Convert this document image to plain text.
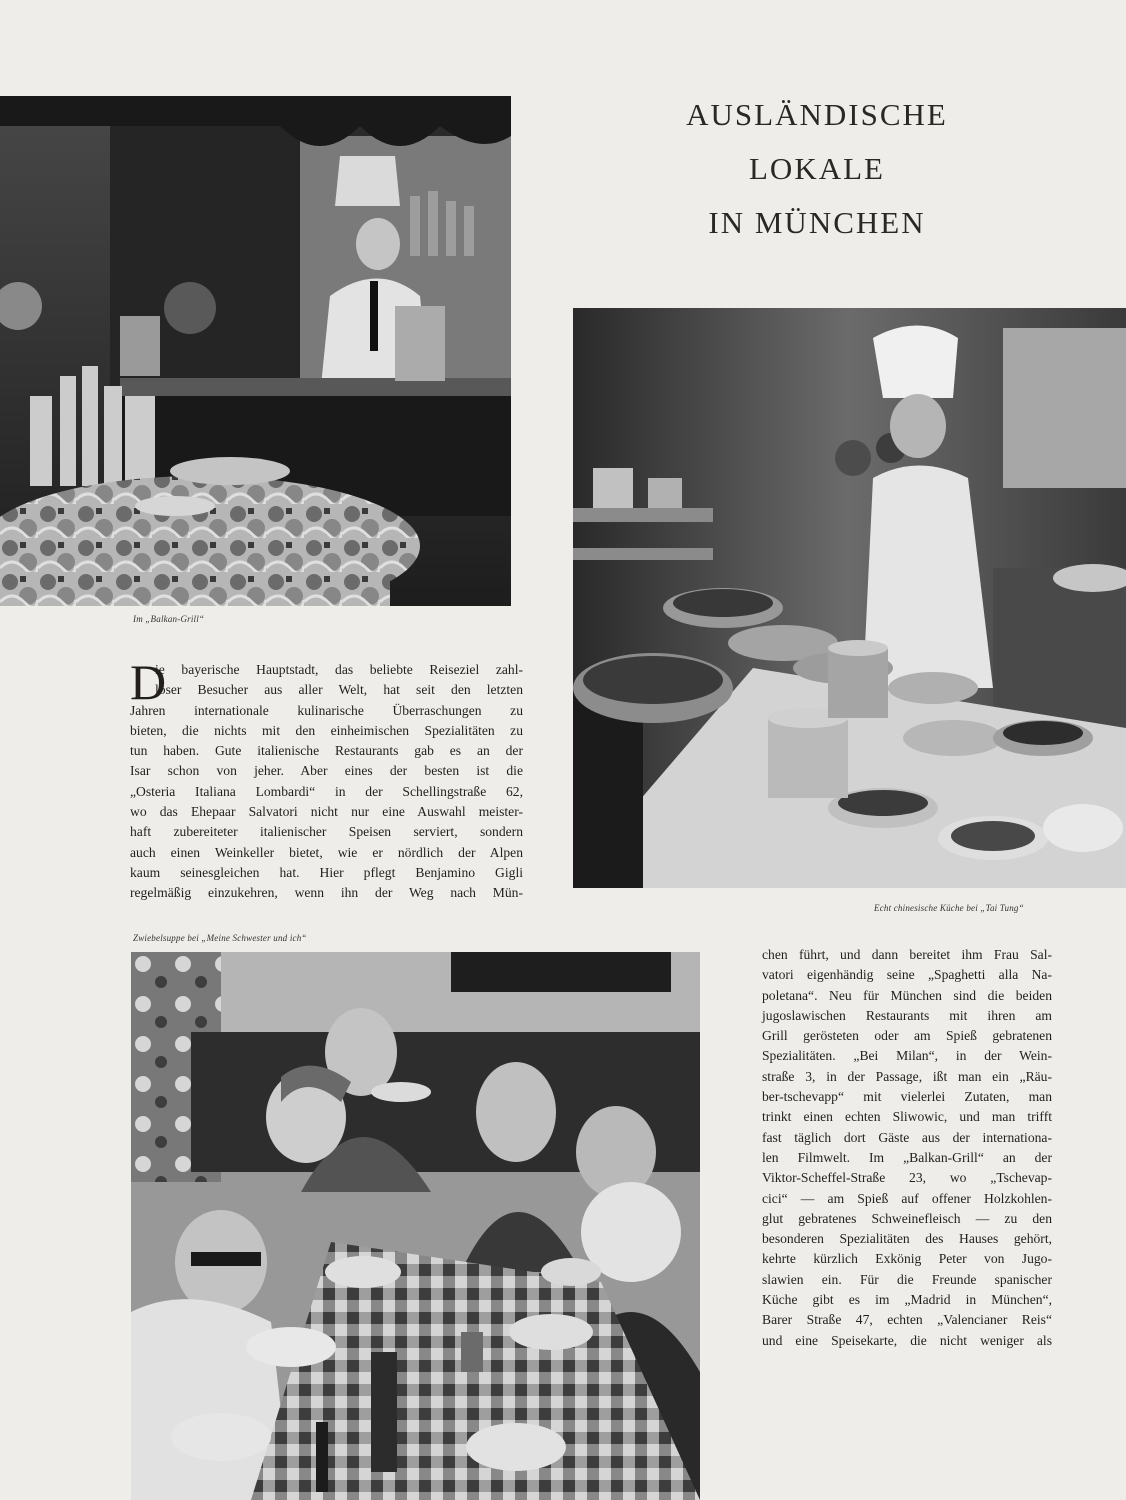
AUSLÄNDISCHE
LOKALE
IN MÜNCHEN
Im „Balkan-Grill“
Echt chinesische Küche bei „Tai Tung“
Zwiebelsuppe bei „Meine Schwester und ich“
D
ie bayerische Hauptstadt, das beliebte Reiseziel zahl-
loser Besucher aus aller Welt, hat seit den letzten
Jahren internationale kulinarische Überraschungen zu
bieten, die nichts mit den einheimischen Spezialitäten zu
tun haben. Gute italienische Restaurants gab es an der
Isar schon von jeher. Aber eines der besten ist die
„Osteria Italiana Lombardi“ in der Schellingstraße 62,
wo das Ehepaar Salvatori nicht nur eine Auswahl meister-
haft zubereiteter italienischer Speisen serviert, sondern
auch einen Weinkeller bietet, wie er nördlich der Alpen
kaum seinesgleichen hat. Hier pflegt Benjamino Gigli
regelmäßig einzukehren, wenn ihn der Weg nach Mün-
chen führt, und dann bereitet ihm Frau Sal-
vatori eigenhändig seine „Spaghetti alla Na-
poletana“. Neu für München sind die beiden
jugoslawischen Restaurants mit ihren am
Grill gerösteten oder am Spieß gebratenen
Spezialitäten. „Bei Milan“, in der Wein-
straße 3, in der Passage, ißt man ein „Räu-
ber-tschevapp“ mit vielerlei Zutaten, man
trinkt einen echten Sliwowic, und man trifft
fast täglich dort Gäste aus der internationa-
len Filmwelt. Im „Balkan-Grill“ an der
Viktor-Scheffel-Straße 23, wo „Tschevap-
cici“ — am Spieß auf offener Holzkohlen-
glut gebratenes Schweinefleisch — zu den
besonderen Spezialitäten des Hauses gehört,
kehrte kürzlich Exkönig Peter von Jugo-
slawien ein. Für die Freunde spanischer
Küche gibt es im „Madrid in München“,
Barer Straße 47, echten „Valencianer Reis“
und eine Speisekarte, die nicht weniger als
